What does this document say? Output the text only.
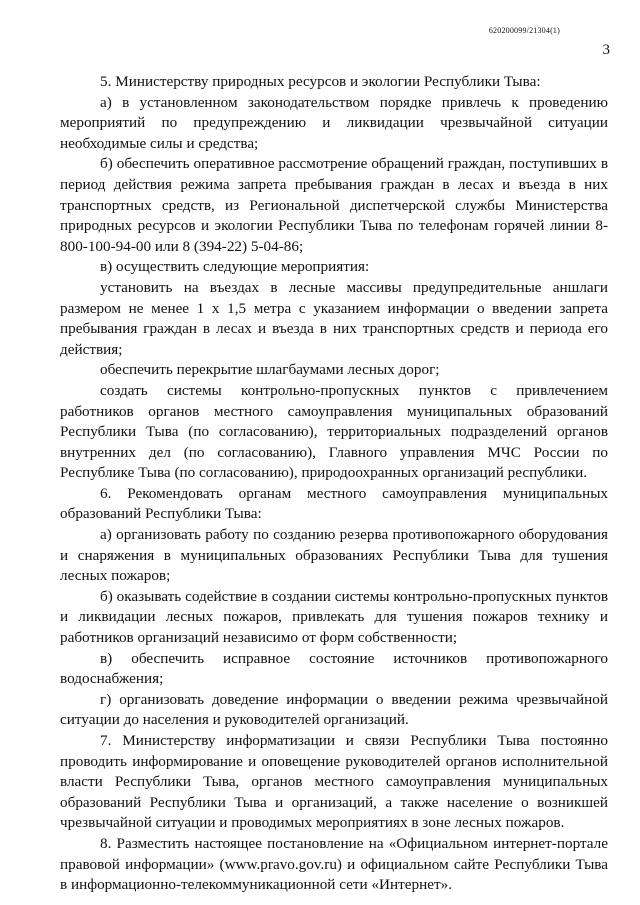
620200099/21304(1)
3

5. Министерству природных ресурсов и экологии Республики Тыва:

а) в установленном законодательством порядке привлечь к проведению мероприятий по предупреждению и ликвидации чрезвычайной ситуации необходимые силы и средства;

б) обеспечить оперативное рассмотрение обращений граждан, поступивших в период действия режима запрета пребывания граждан в лесах и въезда в них транспортных средств, из Региональной диспетчерской службы Министерства природных ресурсов и экологии Республики Тыва по телефонам горячей линии 8-800-100-94-00 или 8 (394-22) 5-04-86;

в) осуществить следующие мероприятия:

установить на въездах в лесные массивы предупредительные аншлаги размером не менее 1 х 1,5 метра с указанием информации о введении запрета пребывания граждан в лесах и въезда в них транспортных средств и периода его действия;

обеспечить перекрытие шлагбаумами лесных дорог;

создать системы контрольно-пропускных пунктов с привлечением работников органов местного самоуправления муниципальных образований Республики Тыва (по согласованию), территориальных подразделений органов внутренних дел (по согласованию), Главного управления МЧС России по Республике Тыва (по согласованию), природоохранных организаций республики.

6. Рекомендовать органам местного самоуправления муниципальных образований Республики Тыва:

а) организовать работу по созданию резерва противопожарного оборудования и снаряжения в муниципальных образованиях Республики Тыва для тушения лесных пожаров;

б) оказывать содействие в создании системы контрольно-пропускных пунктов и ликвидации лесных пожаров, привлекать для тушения пожаров технику и работников организаций независимо от форм собственности;

в) обеспечить исправное состояние источников противопожарного водоснабжения;

г) организовать доведение информации о введении режима чрезвычайной ситуации до населения и руководителей организаций.

7. Министерству информатизации и связи Республики Тыва постоянно проводить информирование и оповещение руководителей органов исполнительной власти Республики Тыва, органов местного самоуправления муниципальных образований Республики Тыва и организаций, а также население о возникшей чрезвычайной ситуации и проводимых мероприятиях в зоне лесных пожаров.

8. Разместить настоящее постановление на «Официальном интернет-портале правовой информации» (www.pravo.gov.ru) и официальном сайте Республики Тыва в информационно-телекоммуникационной сети «Интернет».
